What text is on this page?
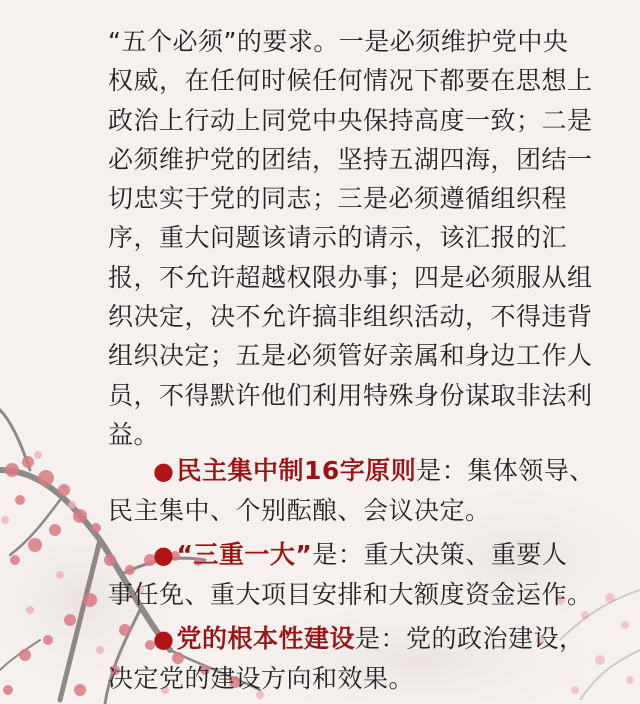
“五个必须”的要求。一是必须维护党中央
权威，在任何时候任何情况下都要在思想上
政治上行动上同党中央保持高度一致；二是
必须维护党的团结，坚持五湖四海，团结一
切忠实于党的同志；三是必须遵循组织程
序，重大问题该请示的请示，该汇报的汇
报，不允许超越权限办事；四是必须服从组
织决定，决不允许搞非组织活动，不得违背
组织决定；五是必须管好亲属和身边工作人
员，不得默许他们利用特殊身份谋取非法利
益。
●民主集中制16字原则是：集体领导、
民主集中、个别酝酿、会议决定。
●“三重一大”是：重大决策、重要人
事任免、重大项目安排和大额度资金运作。
●党的根本性建设是：党的政治建设，
决定党的建设方向和效果。
